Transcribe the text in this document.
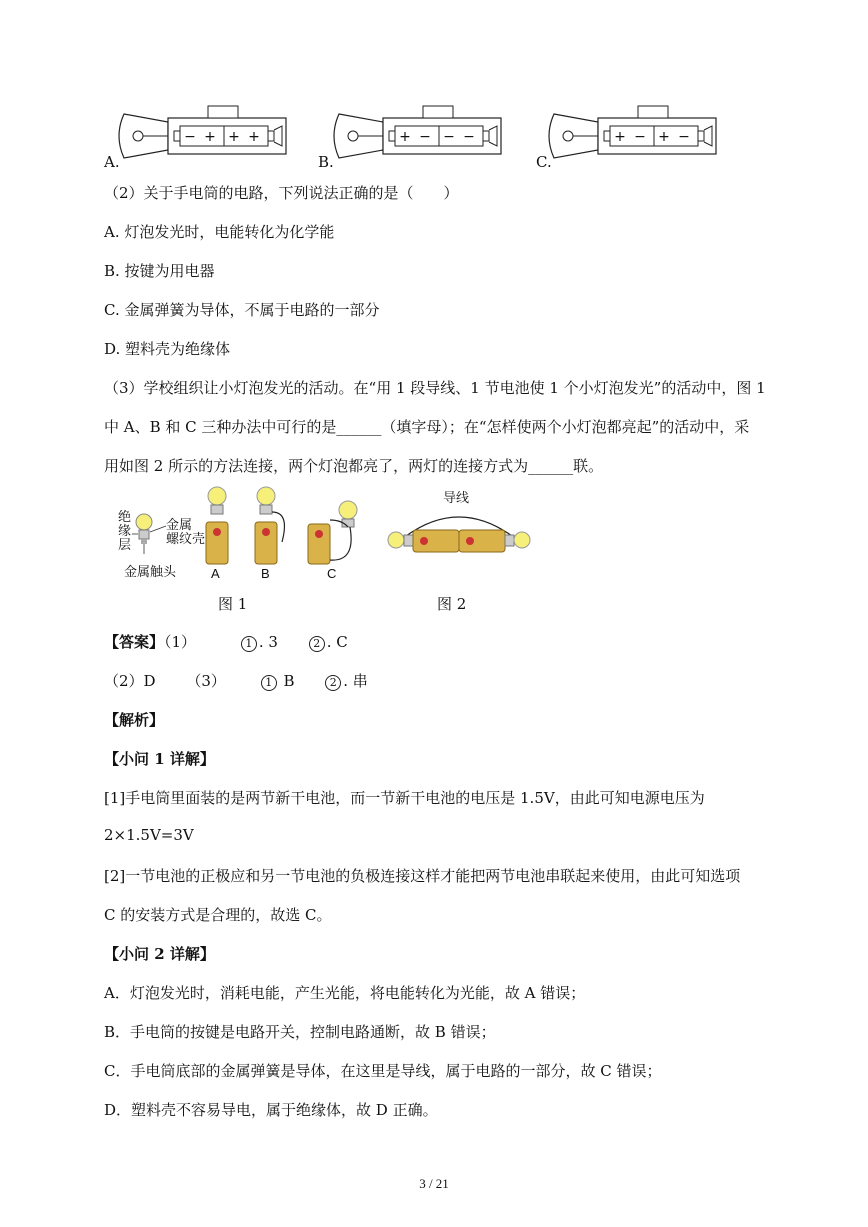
− + + +	+ − − −	+ − + −
A.	B.	C.
（2）关于手电筒的电路，下列说法正确的是（　　）
A. 灯泡发光时，电能转化为化学能
B. 按键为用电器
C. 金属弹簧为导体，不属于电路的一部分
D. 塑料壳为绝缘体
（3）学校组织让小灯泡发光的活动。在“用 1 段导线、1 节电池使 1 个小灯泡发光”的活动中，图 1
中 A、B 和 C 三种办法中可行的是______（填字母）；在“怎样使两个小灯泡都亮起”的活动中，采
用如图 2 所示的方法连接，两个灯泡都亮了，两灯的连接方式为______联。
绝
缘
层
金属
螺纹壳
金属触头	A	B	C
图 1
导线
图 2
【答案】（1）	1 . 3	2 . C
（2）D （3）	1 B	2 . 串
【解析】
【小问 1 详解】
[1]手电筒里面装的是两节新干电池，而一节新干电池的电压是 1.5V，由此可知电源电压为
2×1.5V=3V
[2]一节电池的正极应和另一节电池的负极连接这样才能把两节电池串联起来使用，由此可知选项
C 的安装方式是合理的，故选 C。
【小问 2 详解】
A．灯泡发光时，消耗电能，产生光能，将电能转化为光能，故 A 错误；
B．手电筒的按键是电路开关，控制电路通断，故 B 错误；
C．手电筒底部的金属弹簧是导体，在这里是导线，属于电路的一部分，故 C 错误；
D．塑料壳不容易导电，属于绝缘体，故 D 正确。
3 / 21
